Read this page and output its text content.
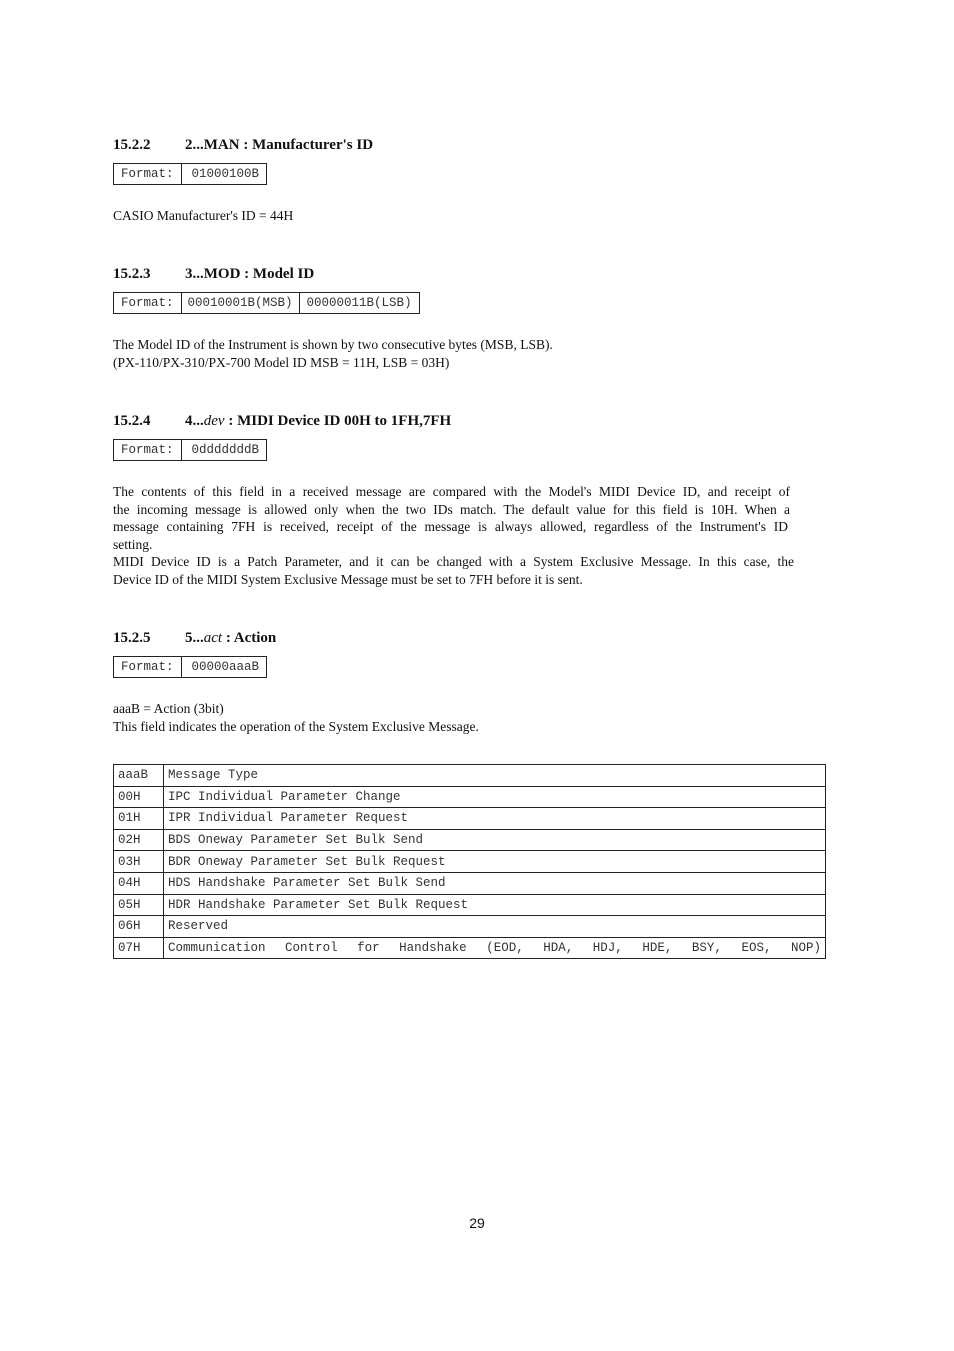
15.2.2 2...MAN : Manufacturer's ID
Format:	01000100B
CASIO Manufacturer's ID = 44H
15.2.3 3...MOD : Model ID
Format:	00010001B(MSB)	00000011B(LSB)
The Model ID of the Instrument is shown by two consecutive bytes (MSB, LSB).
(PX-110/PX-310/PX-700 Model ID MSB = 11H, LSB = 03H)
15.2.4 4...dev : MIDI Device ID 00H to 1FH,7FH
Format:	0dddddddB
The contents of this field in a received message are compared with the Model's MIDI Device ID, and receipt of
the incoming message is allowed only when the two IDs match. The default value for this field is 10H. When a
message containing 7FH is received, receipt of the message is always allowed, regardless of the Instrument's ID
setting.
MIDI Device ID is a Patch Parameter, and it can be changed with a System Exclusive Message. In this case, the
Device ID of the MIDI System Exclusive Message must be set to 7FH before it is sent.
15.2.5 5...act : Action
Format:	00000aaaB
aaaB = Action (3bit)
This field indicates the operation of the System Exclusive Message.
aaaB	Message Type
00H	IPC Individual Parameter Change
01H	IPR Individual Parameter Request
02H	BDS Oneway Parameter Set Bulk Send
03H	BDR Oneway Parameter Set Bulk Request
04H	HDS Handshake Parameter Set Bulk Send
05H	HDR Handshake Parameter Set Bulk Request
06H	Reserved
07H	Communication Control for Handshake (EOD, HDA, HDJ, HDE, BSY, EOS, NOP)
29
